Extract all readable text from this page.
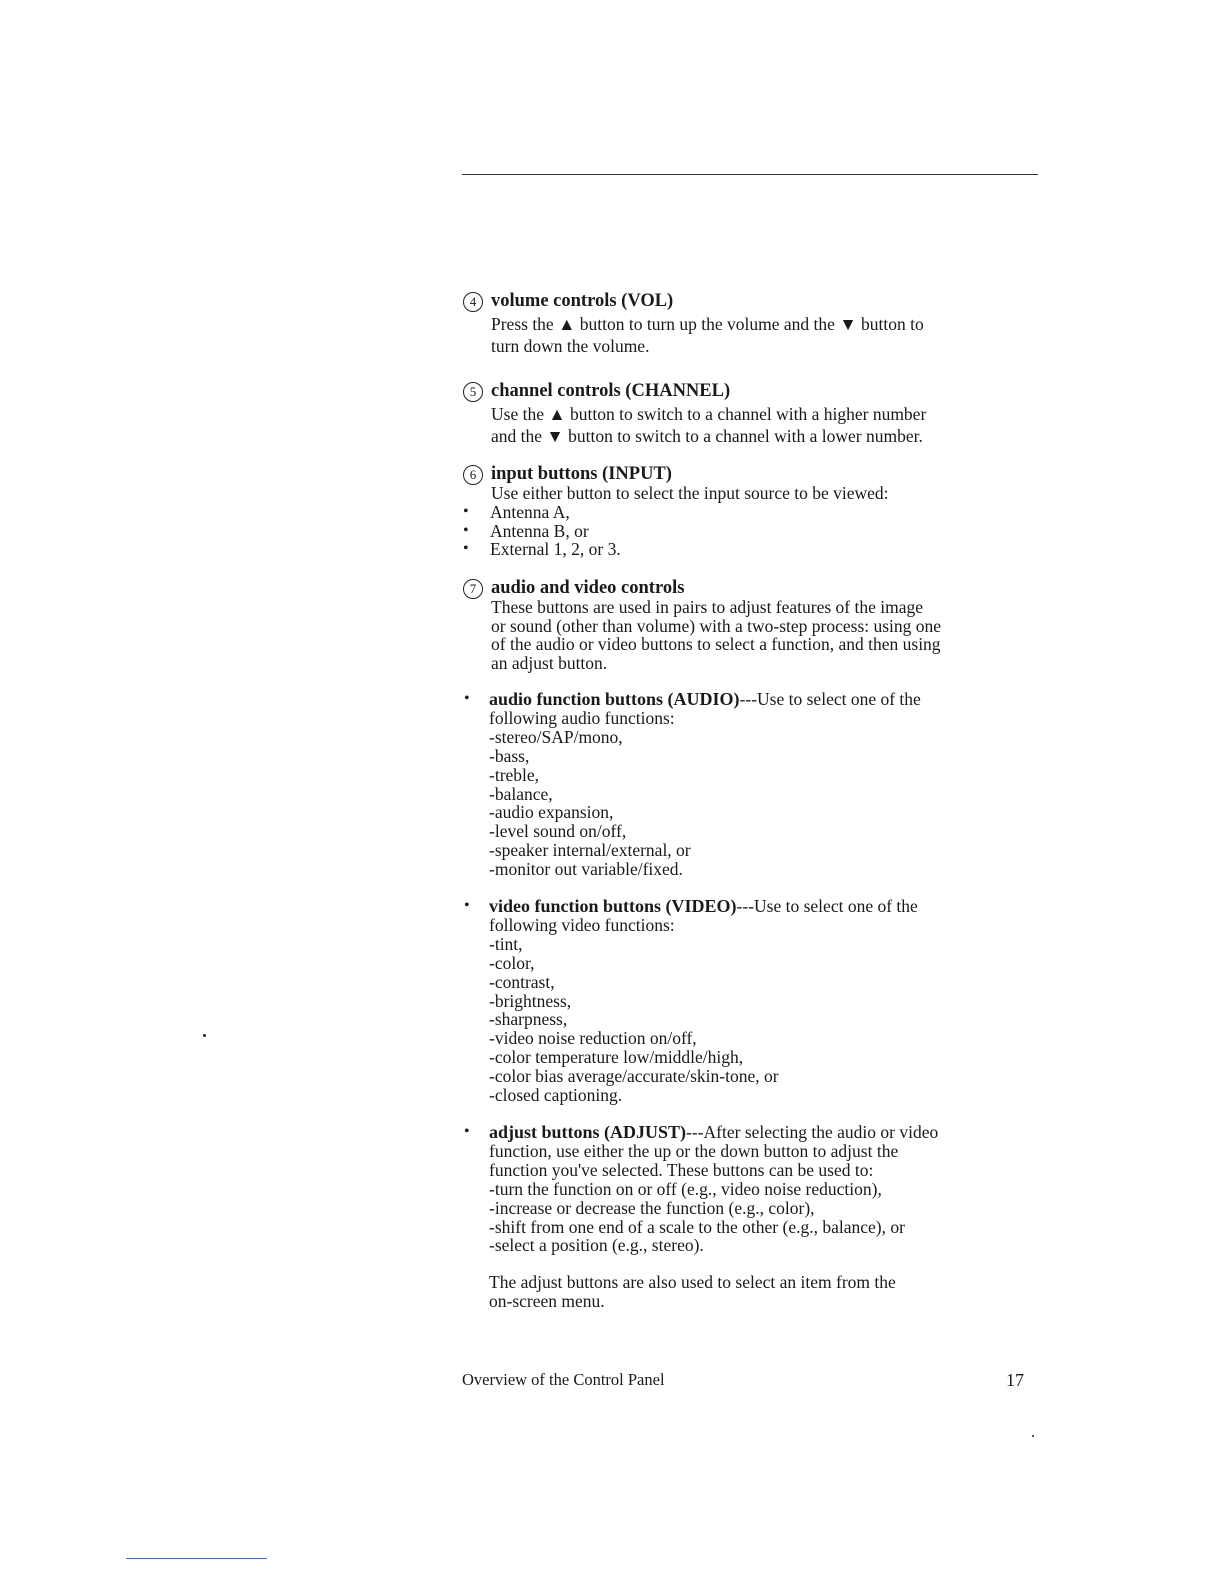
4 volume controls (VOL)

Press the ▲ button to turn up the volume and the ▼ button to
turn down the volume.

5 channel controls (CHANNEL)

Use the ▲ button to switch to a channel with a higher number
and the ▼ button to switch to a channel with a lower number.

6 input buttons (INPUT)

Use either button to select the input source to be viewed:

• Antenna A,
• Antenna B, or
• External 1, 2, or 3.
7 audio and video controls

These buttons are used in pairs to adjust features of the image
or sound (other than volume) with a two-step process: using one
of the audio or video buttons to select a function, and then using
an adjust button.

• audio function buttons (AUDIO)---Use to select one of the
following audio functions:
-stereo/SAP/mono,
-bass,
-treble,
-balance,
-audio expansion,
-level sound on/off,
-speaker internal/external, or
-monitor out variable/fixed.
• video function buttons (VIDEO)---Use to select one of the
following video functions:
-tint,
-color,
-contrast,
-brightness,
-sharpness,
-video noise reduction on/off,
-color temperature low/middle/high,
-color bias average/accurate/skin-tone, or
-closed captioning.
• adjust buttons (ADJUST)---After selecting the audio or video
function, use either the up or the down button to adjust the
function you've selected. These buttons can be used to:
-turn the function on or off (e.g., video noise reduction),
-increase or decrease the function (e.g., color),
-shift from one end of a scale to the other (e.g., balance), or
-select a position (e.g., stereo).
The adjust buttons are also used to select an item from the
on-screen menu.
Overview of the Control Panel	17
